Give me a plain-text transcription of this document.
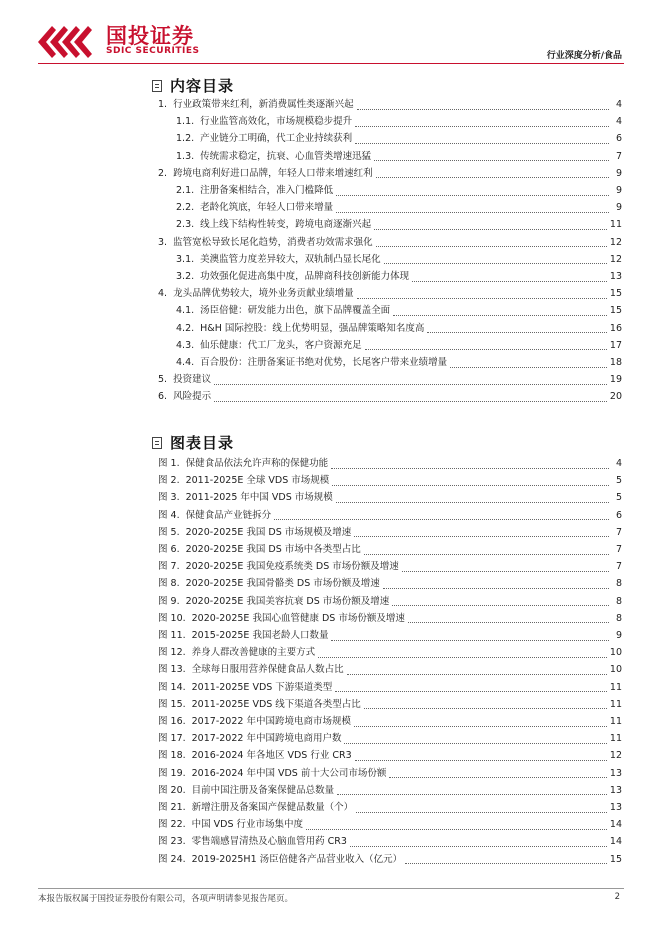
国投证券
SDIC SECURITIES	行业深度分析/食品
内容目录
1. 行业政策带来红利，新消费属性类逐渐兴起	4
1.1. 行业监管高效化，市场规模稳步提升	4
1.2. 产业链分工明确，代工企业持续获利	6
1.3. 传统需求稳定，抗衰、心血管类增速迅猛	7
2. 跨境电商利好进口品牌，年轻人口带来增速红利	9
2.1. 注册备案相结合，准入门槛降低	9
2.2. 老龄化筑底，年轻人口带来增量	9
2.3. 线上线下结构性转变，跨境电商逐渐兴起	11
3. 监管宽松导致长尾化趋势，消费者功效需求强化	12
3.1. 美澳监管力度差异较大，双轨制凸显长尾化	12
3.2. 功效强化促进高集中度，品牌商科技创新能力体现	13
4. 龙头品牌优势较大，境外业务贡献业绩增量	15
4.1. 汤臣倍健：研发能力出色，旗下品牌覆盖全面	15
4.2. H&H 国际控股：线上优势明显，强品牌策略知名度高	16
4.3. 仙乐健康：代工厂龙头，客户资源充足	17
4.4. 百合股份：注册备案证书绝对优势，长尾客户带来业绩增量	18
5. 投资建议	19
6. 风险提示	20
图表目录
图 1. 保健食品依法允许声称的保健功能	4
图 2. 2011-2025E 全球 VDS 市场规模	5
图 3. 2011-2025 年中国 VDS 市场规模	5
图 4. 保健食品产业链拆分	6
图 5. 2020-2025E 我国 DS 市场规模及增速	7
图 6. 2020-2025E 我国 DS 市场中各类型占比	7
图 7. 2020-2025E 我国免疫系统类 DS 市场份额及增速	7
图 8. 2020-2025E 我国骨骼类 DS 市场份额及增速	8
图 9. 2020-2025E 我国美容抗衰 DS 市场份额及增速	8
图 10. 2020-2025E 我国心血管健康 DS 市场份额及增速	8
图 11. 2015-2025E 我国老龄人口数量	9
图 12. 养身人群改善健康的主要方式	10
图 13. 全球每日服用营养保健食品人数占比	10
图 14. 2011-2025E VDS 下游渠道类型	11
图 15. 2011-2025E VDS 线下渠道各类型占比	11
图 16. 2017-2022 年中国跨境电商市场规模	11
图 17. 2017-2022 年中国跨境电商用户数	11
图 18. 2016-2024 年各地区 VDS 行业 CR3	12
图 19. 2016-2024 年中国 VDS 前十大公司市场份额	13
图 20. 目前中国注册及备案保健品总数量	13
图 21. 新增注册及备案国产保健品数量（个）	13
图 22. 中国 VDS 行业市场集中度	14
图 23. 零售端感冒清热及心脑血管用药 CR3	14
图 24. 2019-2025H1 汤臣倍健各产品营业收入（亿元）	15
本报告版权属于国投证券股份有限公司，各项声明请参见报告尾页。	2
